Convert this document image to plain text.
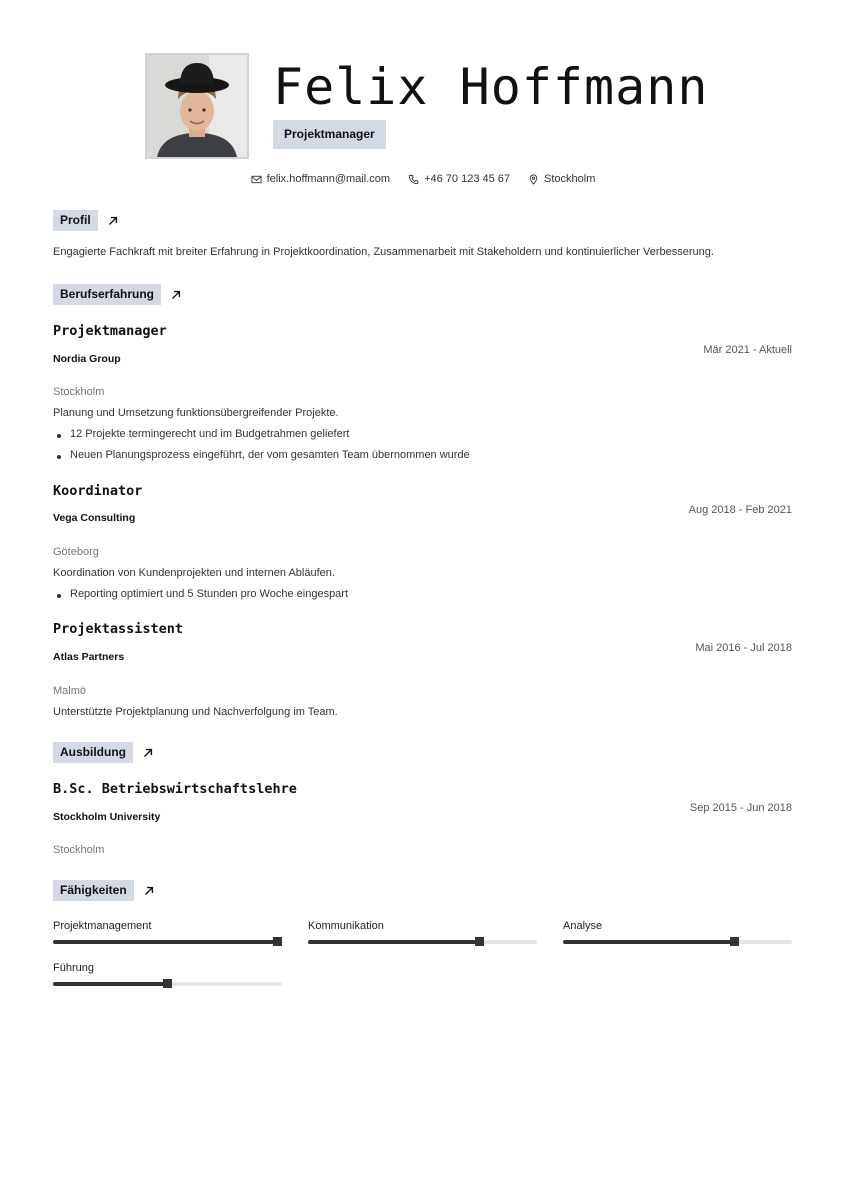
Felix Hoffmann
Projektmanager
felix.hoffmann@mail.com	+46 70 123 45 67	Stockholm
Profil
Engagierte Fachkraft mit breiter Erfahrung in Projektkoordination, Zusammenarbeit mit Stakeholdern und kontinuierlicher Verbesserung.
Berufserfahrung
Projektmanager
Nordia Group
Mär 2021 - Aktuell
Stockholm
Planung und Umsetzung funktionsübergreifender Projekte.
12 Projekte termingerecht und im Budgetrahmen geliefert
Neuen Planungsprozess eingeführt, der vom gesamten Team übernommen wurde
Koordinator
Vega Consulting
Aug 2018 - Feb 2021
Göteborg
Koordination von Kundenprojekten und internen Abläufen.
Reporting optimiert und 5 Stunden pro Woche eingespart
Projektassistent
Atlas Partners
Mai 2016 - Jul 2018
Malmö
Unterstützte Projektplanung und Nachverfolgung im Team.
Ausbildung
B.Sc. Betriebswirtschaftslehre
Stockholm University
Sep 2015 - Jun 2018
Stockholm
Fähigkeiten
Projektmanagement	Kommunikation	Analyse
Führung
